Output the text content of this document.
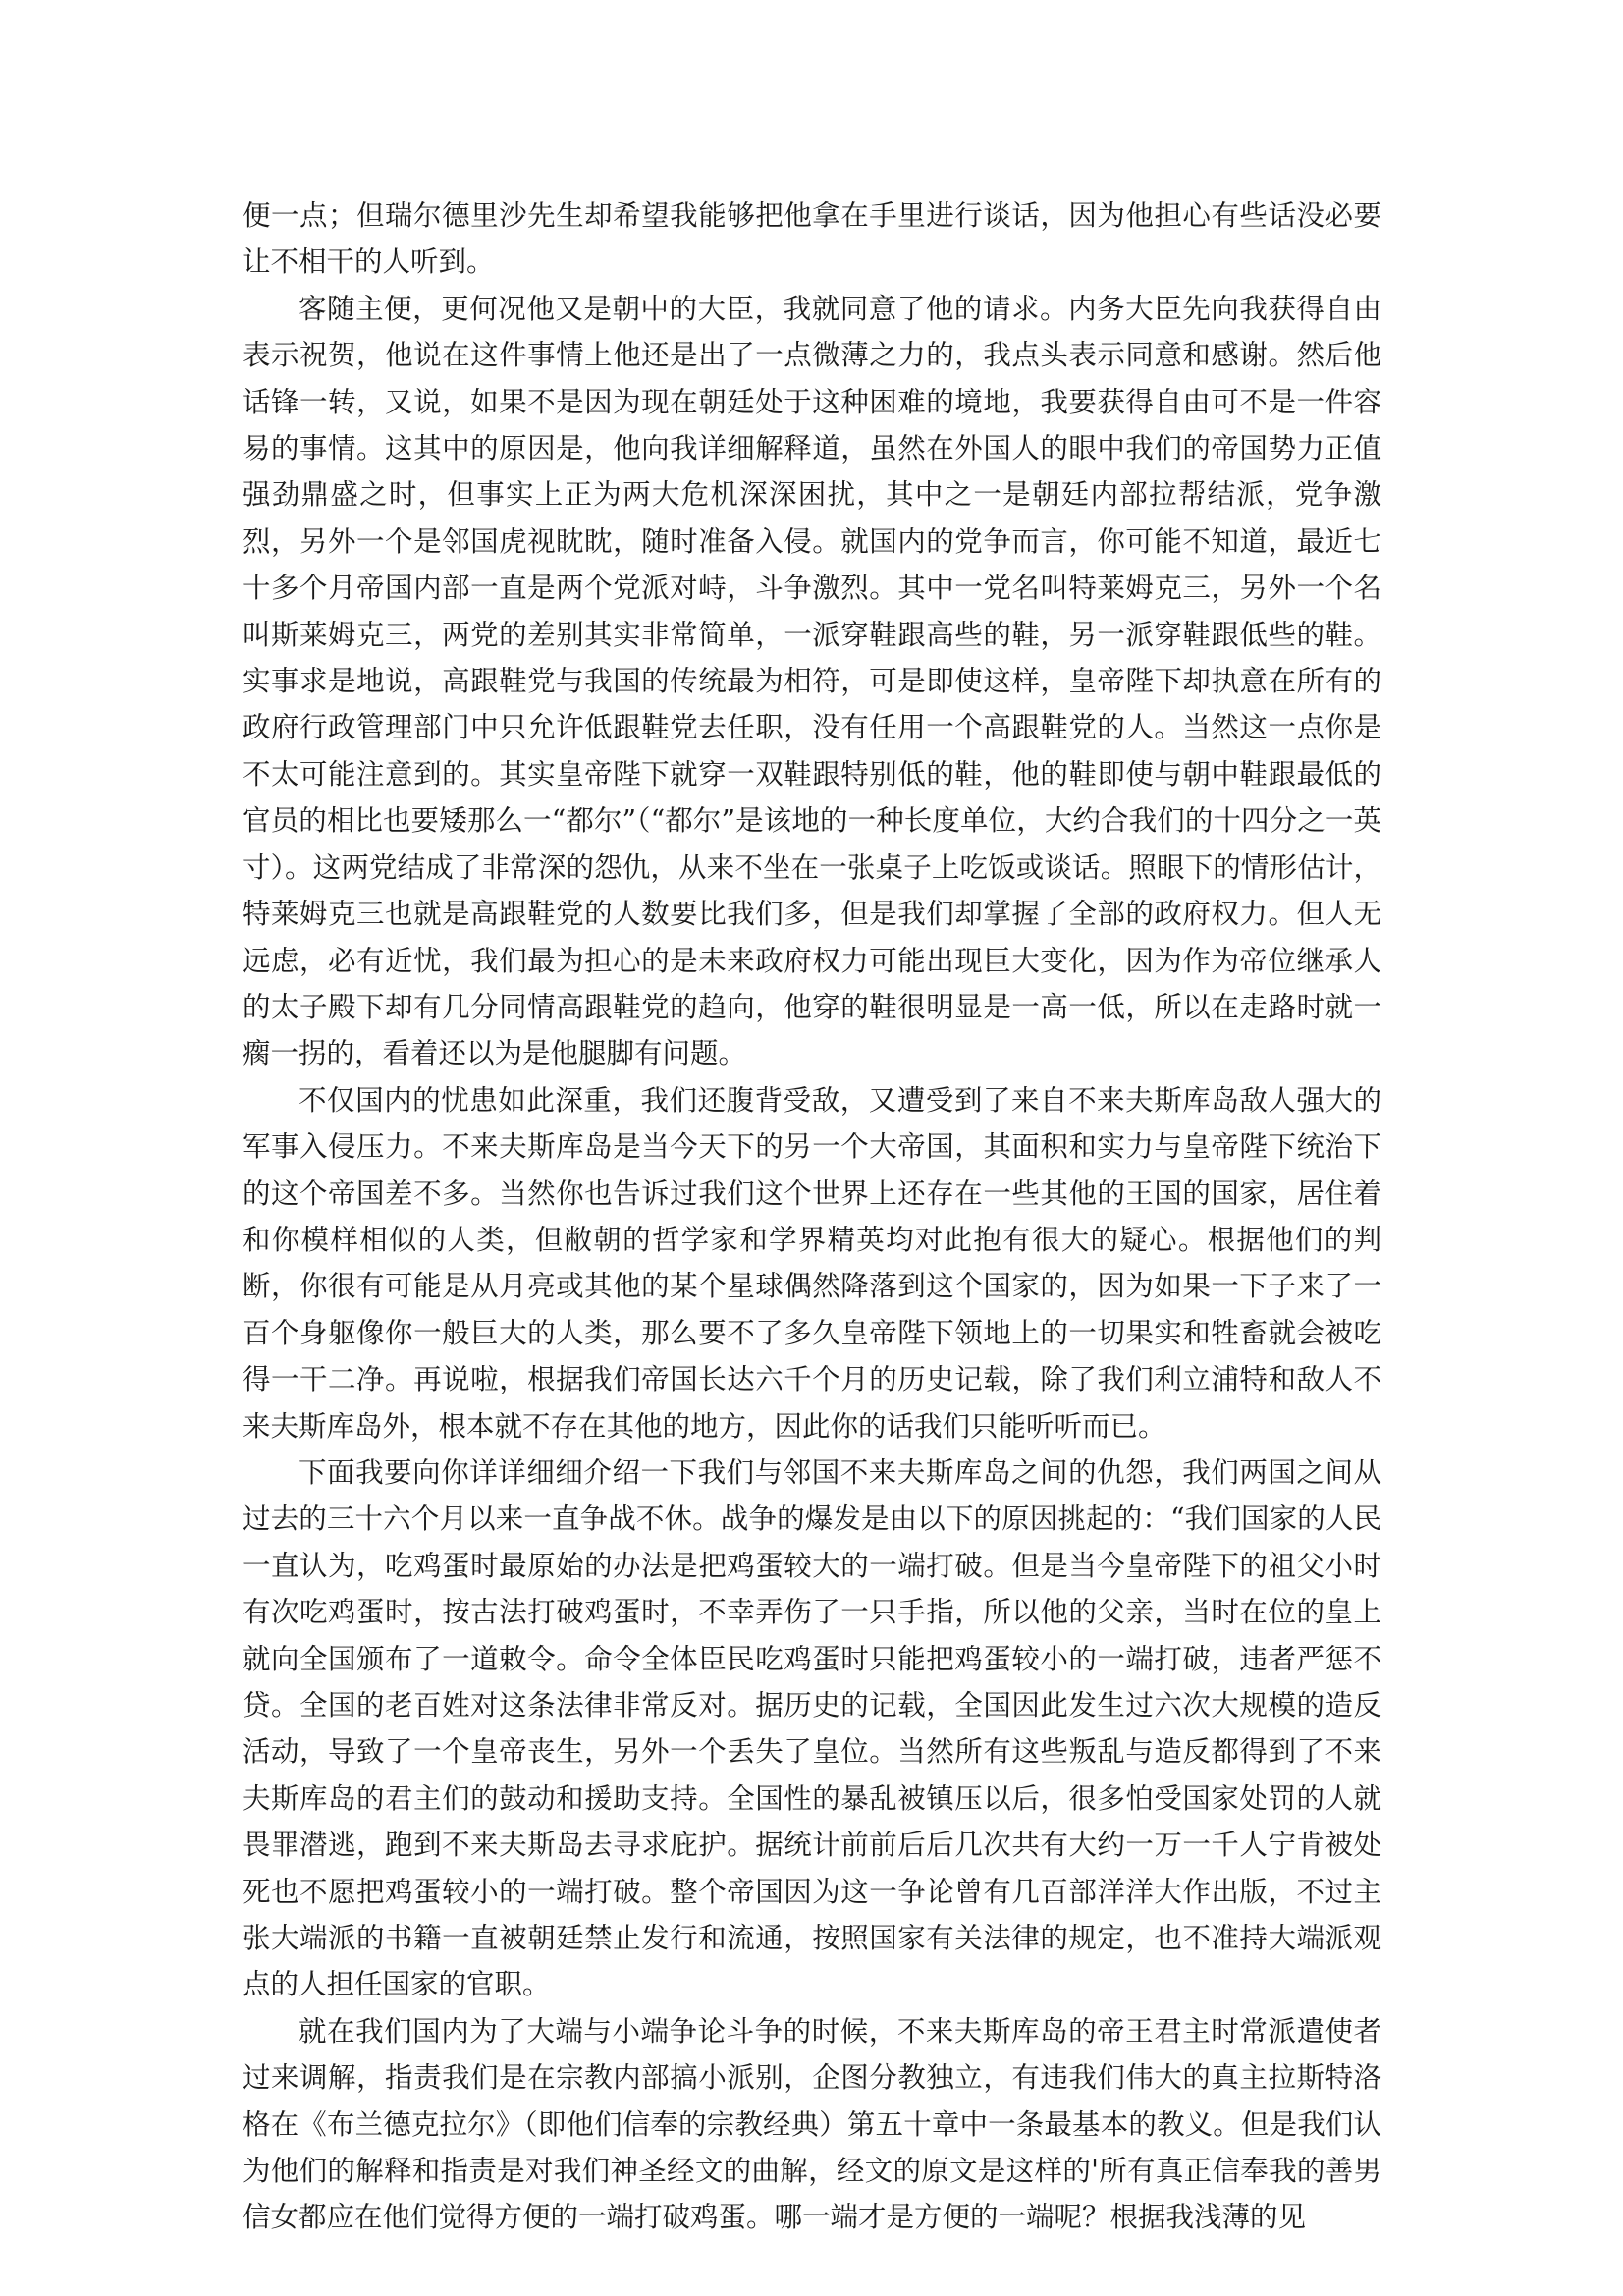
便一点；但瑞尔德里沙先生却希望我能够把他拿在手里进行谈话，因为他担心有些话没必要让不相干的人听到。

客随主便，更何况他又是朝中的大臣，我就同意了他的请求。内务大臣先向我获得自由表示祝贺，他说在这件事情上他还是出了一点微薄之力的，我点头表示同意和感谢。然后他话锋一转，又说，如果不是因为现在朝廷处于这种困难的境地，我要获得自由可不是一件容易的事情。这其中的原因是，他向我详细解释道，虽然在外国人的眼中我们的帝国势力正值强劲鼎盛之时，但事实上正为两大危机深深困扰，其中之一是朝廷内部拉帮结派，党争激烈，另外一个是邻国虎视眈眈，随时准备入侵。就国内的党争而言，你可能不知道，最近七十多个月帝国内部一直是两个党派对峙，斗争激烈。其中一党名叫特莱姆克三，另外一个名叫斯莱姆克三，两党的差别其实非常简单，一派穿鞋跟高些的鞋，另一派穿鞋跟低些的鞋。实事求是地说，高跟鞋党与我国的传统最为相符，可是即使这样，皇帝陛下却执意在所有的政府行政管理部门中只允许低跟鞋党去任职，没有任用一个高跟鞋党的人。当然这一点你是不太可能注意到的。其实皇帝陛下就穿一双鞋跟特别低的鞋，他的鞋即使与朝中鞋跟最低的官员的相比也要矮那么一“都尔”（“都尔”是该地的一种长度单位，大约合我们的十四分之一英寸）。这两党结成了非常深的怨仇，从来不坐在一张桌子上吃饭或谈话。照眼下的情形估计，特莱姆克三也就是高跟鞋党的人数要比我们多，但是我们却掌握了全部的政府权力。但人无远虑，必有近忧，我们最为担心的是未来政府权力可能出现巨大变化，因为作为帝位继承人的太子殿下却有几分同情高跟鞋党的趋向，他穿的鞋很明显是一高一低，所以在走路时就一瘸一拐的，看着还以为是他腿脚有问题。

不仅国内的忧患如此深重，我们还腹背受敌，又遭受到了来自不来夫斯库岛敌人强大的军事入侵压力。不来夫斯库岛是当今天下的另一个大帝国，其面积和实力与皇帝陛下统治下的这个帝国差不多。当然你也告诉过我们这个世界上还存在一些其他的王国的国家，居住着和你模样相似的人类，但敝朝的哲学家和学界精英均对此抱有很大的疑心。根据他们的判断，你很有可能是从月亮或其他的某个星球偶然降落到这个国家的，因为如果一下子来了一百个身躯像你一般巨大的人类，那么要不了多久皇帝陛下领地上的一切果实和牲畜就会被吃得一干二净。再说啦，根据我们帝国长达六千个月的历史记载，除了我们利立浦特和敌人不来夫斯库岛外，根本就不存在其他的地方，因此你的话我们只能听听而已。

下面我要向你详详细细介绍一下我们与邻国不来夫斯库岛之间的仇怨，我们两国之间从过去的三十六个月以来一直争战不休。战争的爆发是由以下的原因挑起的：“我们国家的人民一直认为，吃鸡蛋时最原始的办法是把鸡蛋较大的一端打破。但是当今皇帝陛下的祖父小时有次吃鸡蛋时，按古法打破鸡蛋时，不幸弄伤了一只手指，所以他的父亲，当时在位的皇上就向全国颁布了一道敕令。命令全体臣民吃鸡蛋时只能把鸡蛋较小的一端打破，违者严惩不贷。全国的老百姓对这条法律非常反对。据历史的记载，全国因此发生过六次大规模的造反活动，导致了一个皇帝丧生，另外一个丢失了皇位。当然所有这些叛乱与造反都得到了不来夫斯库岛的君主们的鼓动和援助支持。全国性的暴乱被镇压以后，很多怕受国家处罚的人就畏罪潜逃，跑到不来夫斯岛去寻求庇护。据统计前前后后几次共有大约一万一千人宁肯被处死也不愿把鸡蛋较小的一端打破。整个帝国因为这一争论曾有几百部洋洋大作出版，不过主张大端派的书籍一直被朝廷禁止发行和流通，按照国家有关法律的规定，也不准持大端派观点的人担任国家的官职。

就在我们国内为了大端与小端争论斗争的时候，不来夫斯库岛的帝王君主时常派遣使者过来调解，指责我们是在宗教内部搞小派别，企图分教独立，有违我们伟大的真主拉斯特洛格在《布兰德克拉尔》（即他们信奉的宗教经典）第五十章中一条最基本的教义。但是我们认为他们的解释和指责是对我们神圣经文的曲解，经文的原文是这样的'所有真正信奉我的善男信女都应在他们觉得方便的一端打破鸡蛋。哪一端才是方便的一端呢？根据我浅薄的见
